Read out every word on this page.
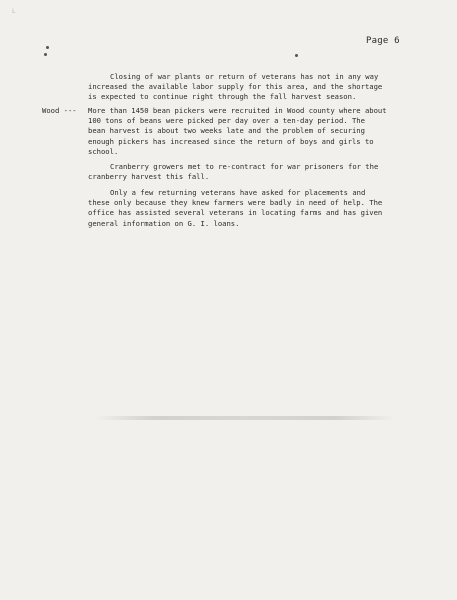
L
Page 6
Closing of war plants or return of veterans has not in any way
increased the available labor supply for this area, and the shortage
is expected to continue right through the fall harvest season.
Wood --- More than 1450 bean pickers were recruited in Wood county where about
100 tons of beans were picked per day over a ten-day period. The
bean harvest is about two weeks late and the problem of securing
enough pickers has increased since the return of boys and girls to
school.
Cranberry growers met to re-contract for war prisoners for the
cranberry harvest this fall.
Only a few returning veterans have asked for placements and
these only because they knew farmers were badly in need of help. The
office has assisted several veterans in locating farms and has given
general information on G. I. loans.
